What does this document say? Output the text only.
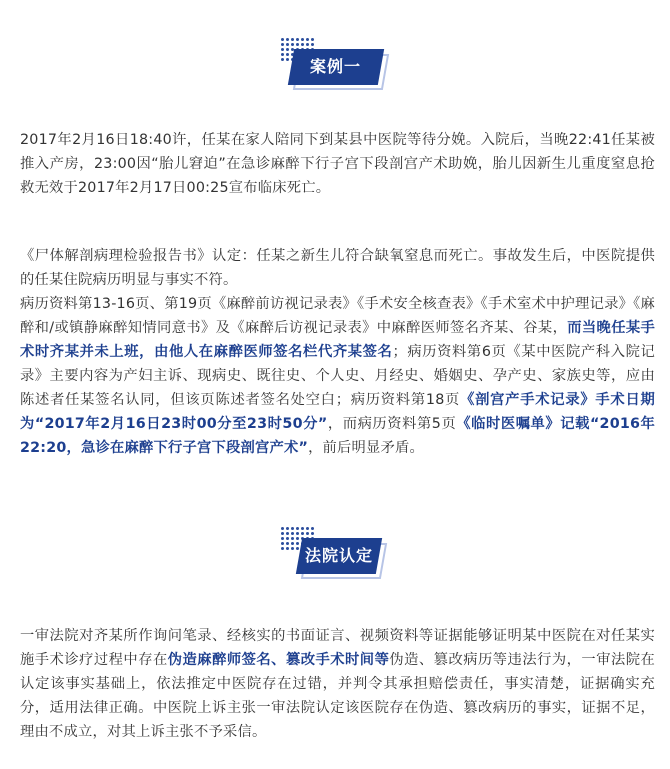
案例一

2017年2月16日18:40许，任某在家人陪同下到某县中医院等待分娩。入院后，当晚22:41任某被推入产房，23:00因“胎儿窘迫”在急诊麻醉下行子宫下段剖宫产术助娩，胎儿因新生儿重度窒息抢救无效于2017年2月17日00:25宣布临床死亡。

《尸体解剖病理检验报告书》认定：任某之新生儿符合缺氧窒息而死亡。事故发生后，中医院提供的任某住院病历明显与事实不符。

病历资料第13-16页、第19页《麻醉前访视记录表》《手术安全核查表》《手术室术中护理记录》《麻醉和/或镇静麻醉知情同意书》及《麻醉后访视记录表》中麻醉医师签名齐某、谷某，而当晚任某手术时齐某并未上班，由他人在麻醉医师签名栏代齐某签名；病历资料第6页《某中医院产科入院记录》主要内容为产妇主诉、现病史、既往史、个人史、月经史、婚姻史、孕产史、家族史等，应由陈述者任某签名认同，但该页陈述者签名处空白；病历资料第18页《剖宫产手术记录》手术日期为“2017年2月16日23时00分至23时50分”，而病历资料第5页《临时医嘱单》记载“2016年22:20，急诊在麻醉下行子宫下段剖宫产术”，前后明显矛盾。

法院认定

一审法院对齐某所作询问笔录、经核实的书面证言、视频资料等证据能够证明某中医院在对任某实施手术诊疗过程中存在伪造麻醉师签名、篡改手术时间等伪造、篡改病历等违法行为，一审法院在认定该事实基础上，依法推定中医院存在过错，并判令其承担赔偿责任，事实清楚，证据确实充分，适用法律正确。中医院上诉主张一审法院认定该医院存在伪造、篡改病历的事实，证据不足，理由不成立，对其上诉主张不予采信。
